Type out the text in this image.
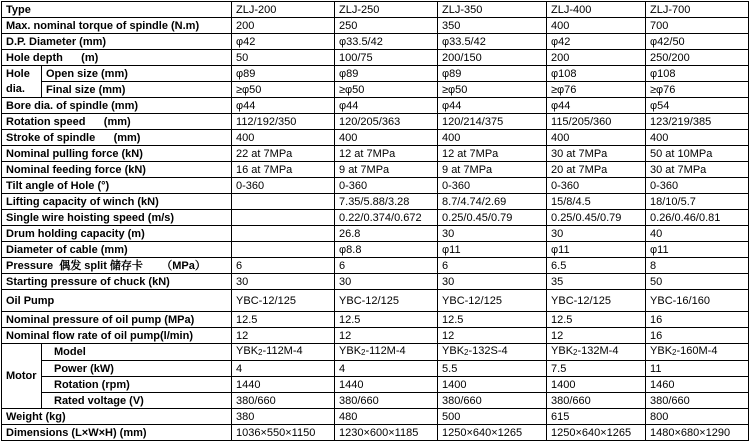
Type		ZLJ-200	ZLJ-250	ZLJ-350	ZLJ-400	ZLJ-700
Max. nominal torque of spindle (N.m)		200	250	350	400	700
D.P. Diameter (mm)		φ42	φ33.5/42	φ33.5/42	φ42	φ42/50
Hole depth      (m)		50	100/75	200/150	200	250/200
Hole	Open size (mm)	φ89	φ89	φ89	φ108	φ108
dia.	Final size (mm)	≥φ50	≥φ50	≥φ50	≥φ76	≥φ76
Bore dia. of spindle (mm)		φ44	φ44	φ44	φ44	φ54
Rotation speed      (mm)		112/192/350	120/205/363	120/214/375	115/205/360	123/219/385
Stroke of spindle      (mm)		400	400	400	400	400
Nominal pulling force (kN)		22 at 7MPa	12 at 7MPa	12 at 7MPa	30 at 7MPa	50 at 10MPa
Nominal feeding force (kN)		16 at 7MPa	9 at 7MPa	9 at 7MPa	20 at 7MPa	30 at 7MPa
Tilt angle of Hole (°)		0-360	0-360	0-360	0-360	0-360
Lifting capacity of winch (kN)			7.35/5.88/3.28	8.7/4.74/2.69	15/8/4.5	18/10/5.7
Single wire hoisting speed (m/s)			0.22/0.374/0.672	0.25/0.45/0.79	0.25/0.45/0.79	0.26/0.46/0.81
Drum holding capacity (m)			26.8	30	30	40
Diameter of cable (mm)			φ8.8	φ11	φ11	φ11
Pressure  偶发 split 储存卡      （MPa）		6	6	6	6.5	8
Starting pressure of chuck (kN)		30	30	30	35	50
Oil Pump		YBC-12/125	YBC-12/125	YBC-12/125	YBC-12/125	YBC-16/160
Nominal pressure of oil pump (MPa)		12.5	12.5	12.5	12.5	16
Nominal flow rate of oil pump(l/min)		12	12	12	12	16
Motor	Model	$YBK_2-112M-4$	$YBK_2-112M-4$	$YBK_2-132S-4$	$YBK_2-132M-4$	$YBK_2-160M-4$
	Power (kW)	4	4	5.5	7.5	11
	Rotation (rpm)	1440	1440	1400	1400	1460
	Rated voltage (V)	380/660	380/660	380/660	380/660	380/660
Weight (kg)		380	480	500	615	800
Dimensions (L×W×H) (mm)		1036×550×1150	1230×600×1185	1250×640×1265	1250×640×1265	1480×680×1290
